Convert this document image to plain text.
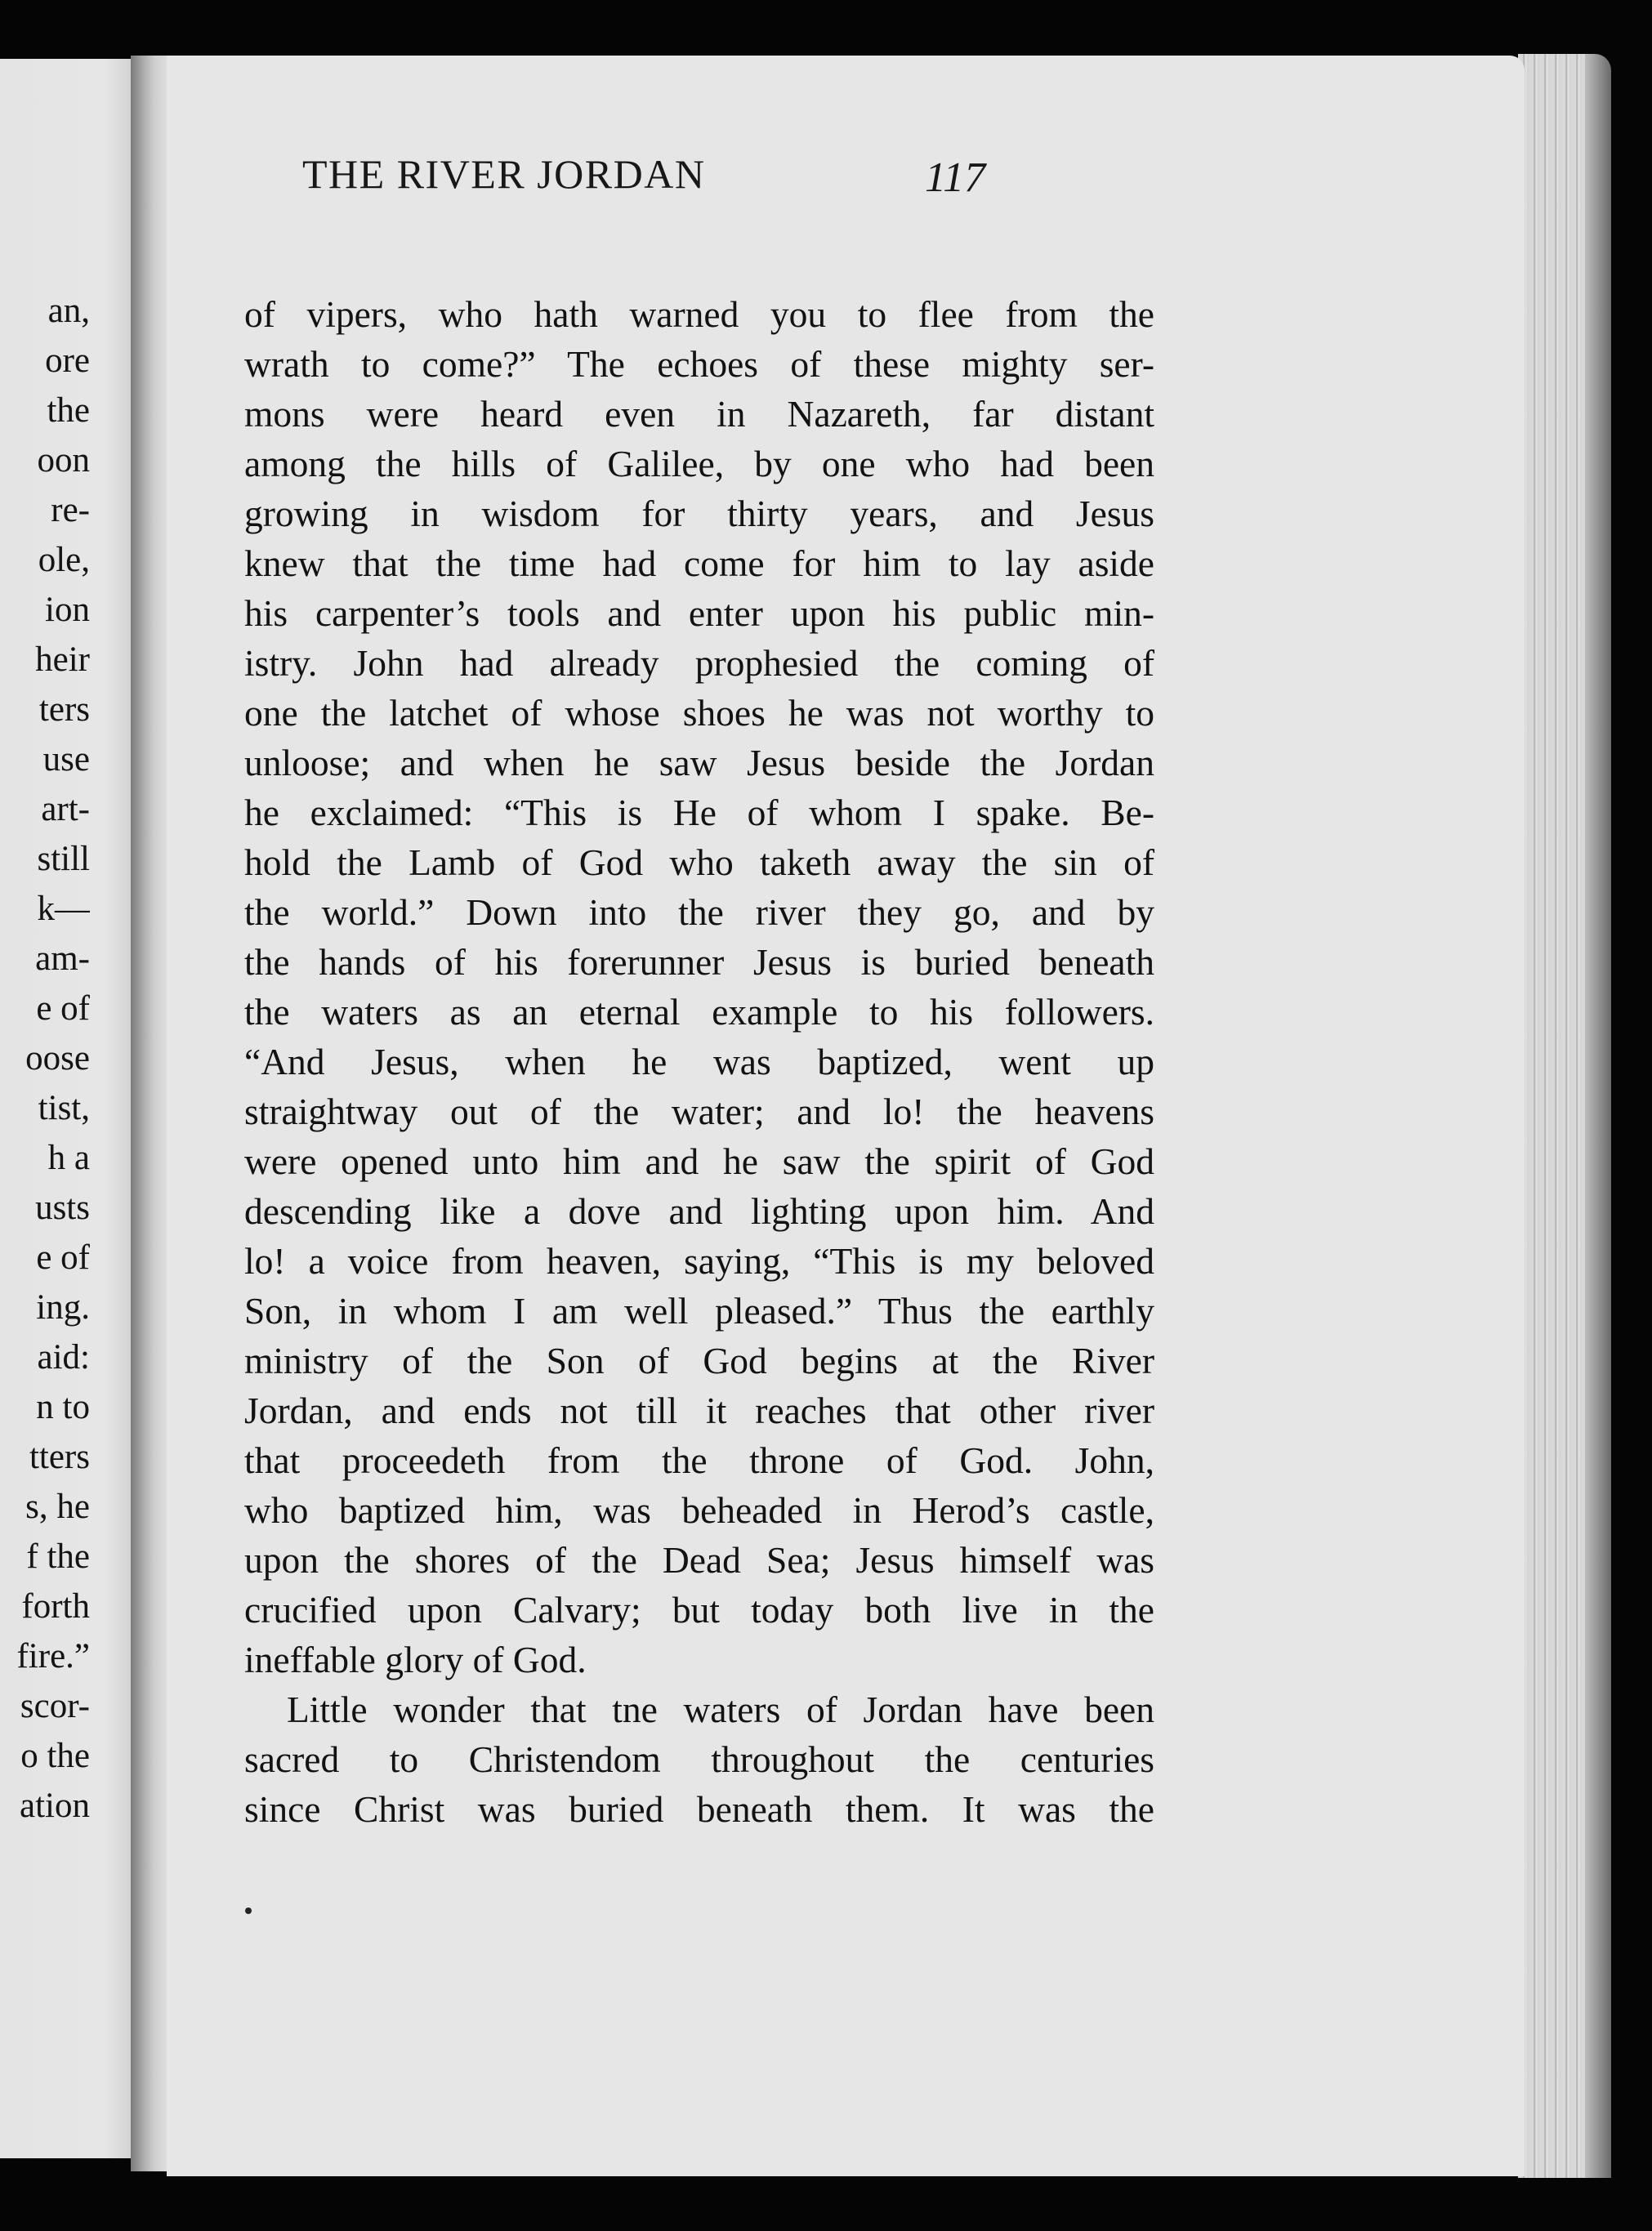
an,
ore
the
oon
re-
ole,
ion
heir
ters
use
art-
still
k—
am-
e of
oose
tist,
h a
usts
e of
ing.
aid:
n to
tters
s, he
f the
forth
fire.”
scor-
o the
ation
THE RIVER JORDAN	117
of vipers, who hath warned you to flee from the
wrath to come?” The echoes of these mighty ser-
mons were heard even in Nazareth, far distant
among the hills of Galilee, by one who had been
growing in wisdom for thirty years, and Jesus
knew that the time had come for him to lay aside
his carpenter’s tools and enter upon his public min-
istry. John had already prophesied the coming of
one the latchet of whose shoes he was not worthy to
unloose; and when he saw Jesus beside the Jordan
he exclaimed: “This is He of whom I spake. Be-
hold the Lamb of God who taketh away the sin of
the world.” Down into the river they go, and by
the hands of his forerunner Jesus is buried beneath
the waters as an eternal example to his followers.
“And Jesus, when he was baptized, went up
straightway out of the water; and lo! the heavens
were opened unto him and he saw the spirit of God
descending like a dove and lighting upon him. And
lo! a voice from heaven, saying, “This is my beloved
Son, in whom I am well pleased.” Thus the earthly
ministry of the Son of God begins at the River
Jordan, and ends not till it reaches that other river
that proceedeth from the throne of God. John,
who baptized him, was beheaded in Herod’s castle,
upon the shores of the Dead Sea; Jesus himself was
crucified upon Calvary; but today both live in the
ineffable glory of God.
Little wonder that tne waters of Jordan have been
sacred to Christendom throughout the centuries
since Christ was buried beneath them. It was the
